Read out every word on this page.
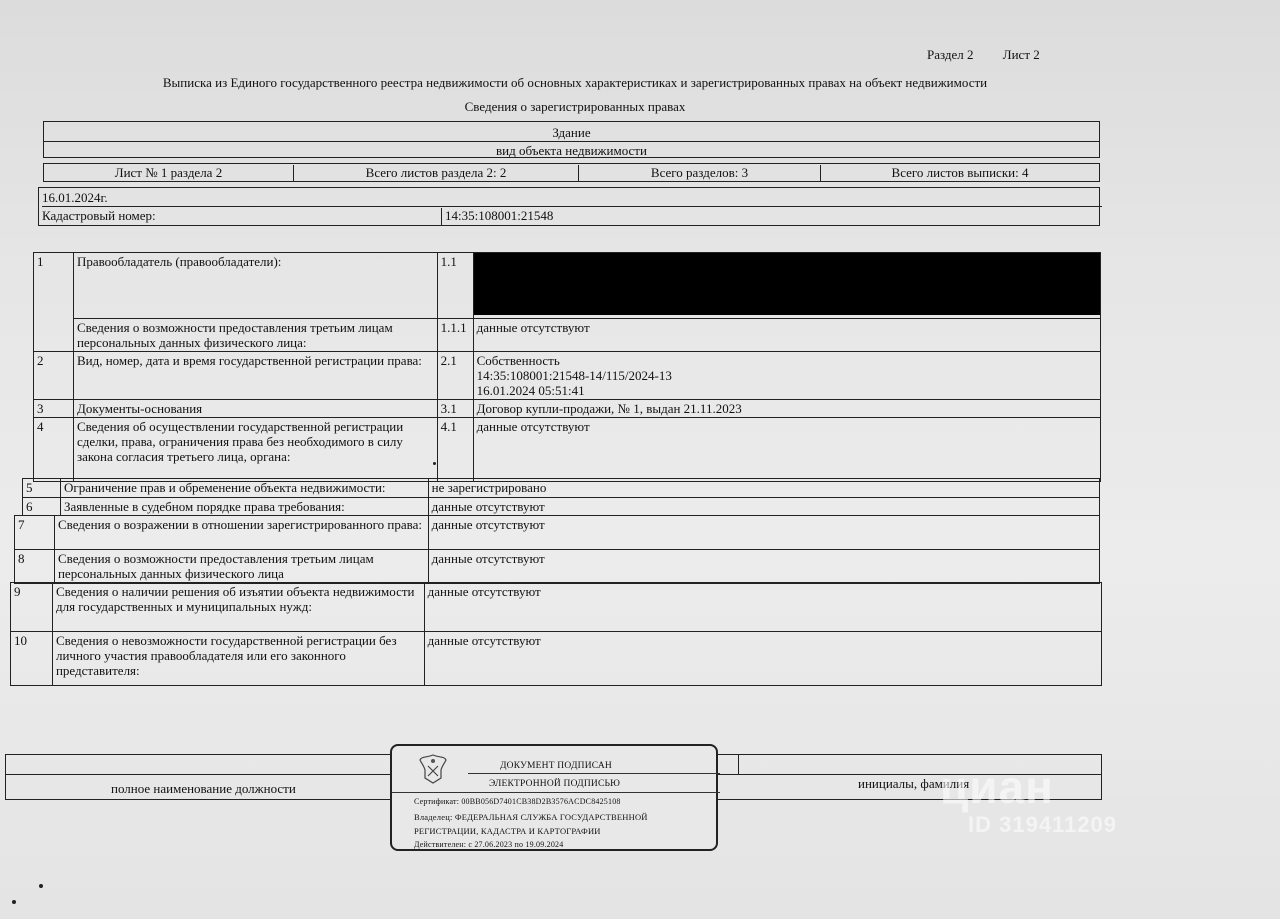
Раздел 2 Лист 2
Выписка из Единого государственного реестра недвижимости об основных характеристиках и зарегистрированных правах на объект недвижимости
Сведения о зарегистрированных правах
Здание
вид объекта недвижимости
Лист № 1 раздела 2	Всего листов раздела 2: 2	Всего разделов: 3	Всего листов выписки: 4
16.01.2024г.
Кадастровый номер:	14:35:108001:21548
1	Правообладатель (правообладатели):	1.1	

	Сведения о возможности предоставления третьим лицам персональных данных физического лица:	1.1.1	данные отсутствуют
2	Вид, номер, дата и время государственной регистрации права:	2.1	Собственность
14:35:108001:21548-14/115/2024-13
16.01.2024 05:51:41

3	Документы-основания	3.1	Договор купли-продажи, № 1, выдан 21.11.2023
4	Сведения об осуществлении государственной регистрации сделки, права, ограничения права без необходимого в силу закона согласия третьего лица, органа:	4.1	данные отсутствуют
5	Ограничение прав и обременение объекта недвижимости:	не зарегистрировано
6	Заявленные в судебном порядке права требования:	данные отсутствуют
7	Сведения о возражении в отношении зарегистрированного права:	данные отсутствуют
8	Сведения о возможности предоставления третьим лицам персональных данных физического лица	данные отсутствуют
9	Сведения о наличии решения об изъятии объекта недвижимости для государственных и муниципальных нужд:	данные отсутствуют
10	Сведения о невозможности государственной регистрации без личного участия правообладателя или его законного представителя:	данные отсутствуют
полное наименование должности	инициалы, фамилия
ДОКУМЕНТ ПОДПИСАН
ЭЛЕКТРОННОЙ ПОДПИСЬЮ
Сертификат: 00BB056D7401CB38D2B3576ACDC8425108
Владелец: ФЕДЕРАЛЬНАЯ СЛУЖБА ГОСУДАРСТВЕННОЙ
РЕГИСТРАЦИИ, КАДАСТРА И КАРТОГРАФИИ
Действителен: с 27.06.2023 по 19.09.2024
циан
ID 319411209
